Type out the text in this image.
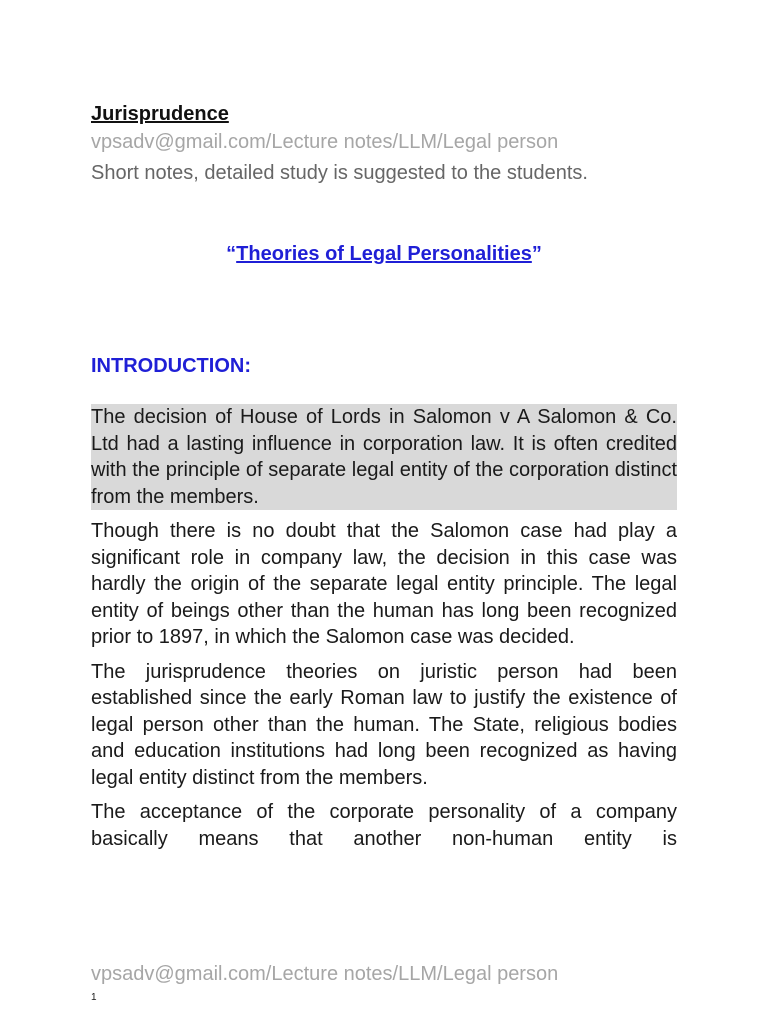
Jurisprudence
vpsadv@gmail.com/Lecture notes/LLM/Legal person
Short notes, detailed study is suggested to the students.
“Theories of Legal Personalities”
INTRODUCTION:

The decision of House of Lords in Salomon v A Salomon & Co. Ltd had a lasting influence in corporation law. It is often credited with the principle of separate legal entity of the corporation distinct from the members.

Though there is no doubt that the Salomon case had play a significant role in company law, the decision in this case was hardly the origin of the separate legal entity principle. The legal entity of beings other than the human has long been recognized prior to 1897, in which the Salomon case was decided.

The jurisprudence theories on juristic person had been established since the early Roman law to justify the existence of legal person other than the human. The State, religious bodies and education institutions had long been recognized as having legal entity distinct from the members.

The acceptance of the corporate personality of a company basically means that another non-human entity is

vpsadv@gmail.com/Lecture notes/LLM/Legal person
1
